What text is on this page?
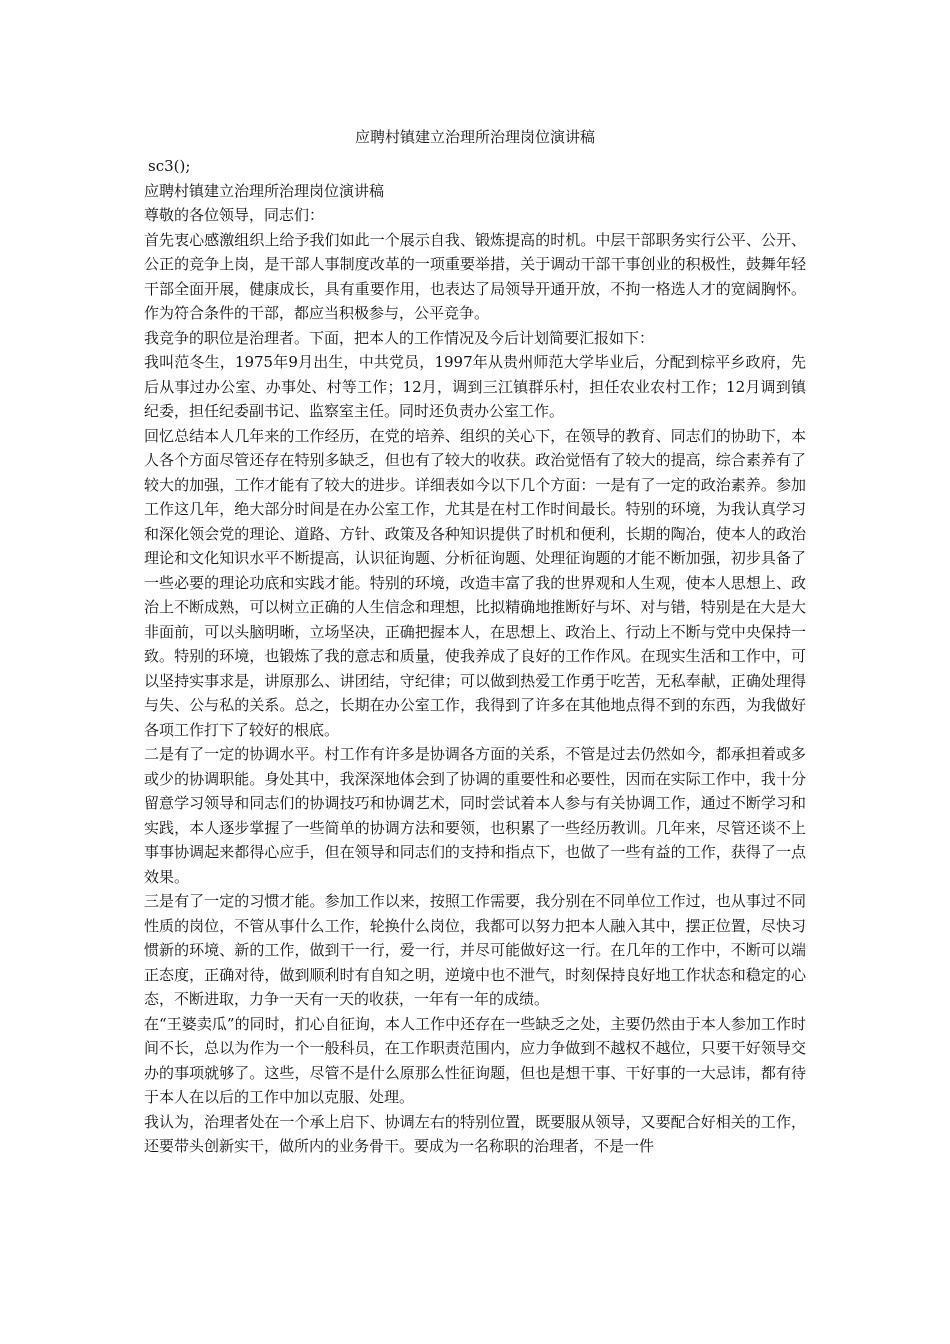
应聘村镇建立治理所治理岗位演讲稿

sc3();

应聘村镇建立治理所治理岗位演讲稿

尊敬的各位领导，同志们：

首先衷心感激组织上给予我们如此一个展示自我、锻炼提高的时机。中层干部职务实行公平、公开、公正的竞争上岗，是干部人事制度改革的一项重要举措，关于调动干部干事创业的积极性，鼓舞年轻干部全面开展，健康成长，具有重要作用，也表达了局领导开通开放，不拘一格选人才的宽阔胸怀。作为符合条件的干部，都应当积极参与，公平竞争。

我竞争的职位是治理者。下面，把本人的工作情况及今后计划简要汇报如下：

我叫范冬生，1975年9月出生，中共党员，1997年从贵州师范大学毕业后，分配到棕平乡政府，先后从事过办公室、办事处、村等工作；12月，调到三江镇群乐村，担任农业农村工作；12月调到镇纪委，担任纪委副书记、监察室主任。同时还负责办公室工作。

回忆总结本人几年来的工作经历，在党的培养、组织的关心下，在领导的教育、同志们的协助下，本人各个方面尽管还存在特别多缺乏，但也有了较大的收获。政治觉悟有了较大的提高，综合素养有了较大的加强，工作才能有了较大的进步。详细表如今以下几个方面：一是有了一定的政治素养。参加工作这几年，绝大部分时间是在办公室工作，尤其是在村工作时间最长。特别的环境，为我认真学习和深化领会党的理论、道路、方针、政策及各种知识提供了时机和便利，长期的陶冶，使本人的政治理论和文化知识水平不断提高，认识征询题、分析征询题、处理征询题的才能不断加强，初步具备了一些必要的理论功底和实践才能。特别的环境，改造丰富了我的世界观和人生观，使本人思想上、政治上不断成熟，可以树立正确的人生信念和理想，比拟精确地推断好与坏、对与错，特别是在大是大非面前，可以头脑明晰，立场坚决，正确把握本人，在思想上、政治上、行动上不断与党中央保持一致。特别的环境，也锻炼了我的意志和质量，使我养成了良好的工作作风。在现实生活和工作中，可以坚持实事求是，讲原那么、讲团结，守纪律；可以做到热爱工作勇于吃苦，无私奉献，正确处理得与失、公与私的关系。总之，长期在办公室工作，我得到了许多在其他地点得不到的东西，为我做好各项工作打下了较好的根底。

二是有了一定的协调水平。村工作有许多是协调各方面的关系，不管是过去仍然如今，都承担着或多或少的协调职能。身处其中，我深深地体会到了协调的重要性和必要性，因而在实际工作中，我十分留意学习领导和同志们的协调技巧和协调艺术，同时尝试着本人参与有关协调工作，通过不断学习和实践，本人逐步掌握了一些简单的协调方法和要领，也积累了一些经历教训。几年来，尽管还谈不上事事协调起来都得心应手，但在领导和同志们的支持和指点下，也做了一些有益的工作，获得了一点效果。

三是有了一定的习惯才能。参加工作以来，按照工作需要，我分别在不同单位工作过，也从事过不同性质的岗位，不管从事什么工作，轮换什么岗位，我都可以努力把本人融入其中，摆正位置，尽快习惯新的环境、新的工作，做到干一行，爱一行，并尽可能做好这一行。在几年的工作中，不断可以端正态度，正确对待，做到顺利时有自知之明，逆境中也不泄气，时刻保持良好地工作状态和稳定的心态，不断进取，力争一天有一天的收获，一年有一年的成绩。

在“王婆卖瓜”的同时，扪心自征询，本人工作中还存在一些缺乏之处，主要仍然由于本人参加工作时间不长，总以为作为一个一般科员，在工作职责范围内，应力争做到不越权不越位，只要干好领导交办的事项就够了。这些，尽管不是什么原那么性征询题，但也是想干事、干好事的一大忌讳，都有待于本人在以后的工作中加以克服、处理。

我认为，治理者处在一个承上启下、协调左右的特别位置，既要服从领导，又要配合好相关的工作，还要带头创新实干，做所内的业务骨干。要成为一名称职的治理者，不是一件
